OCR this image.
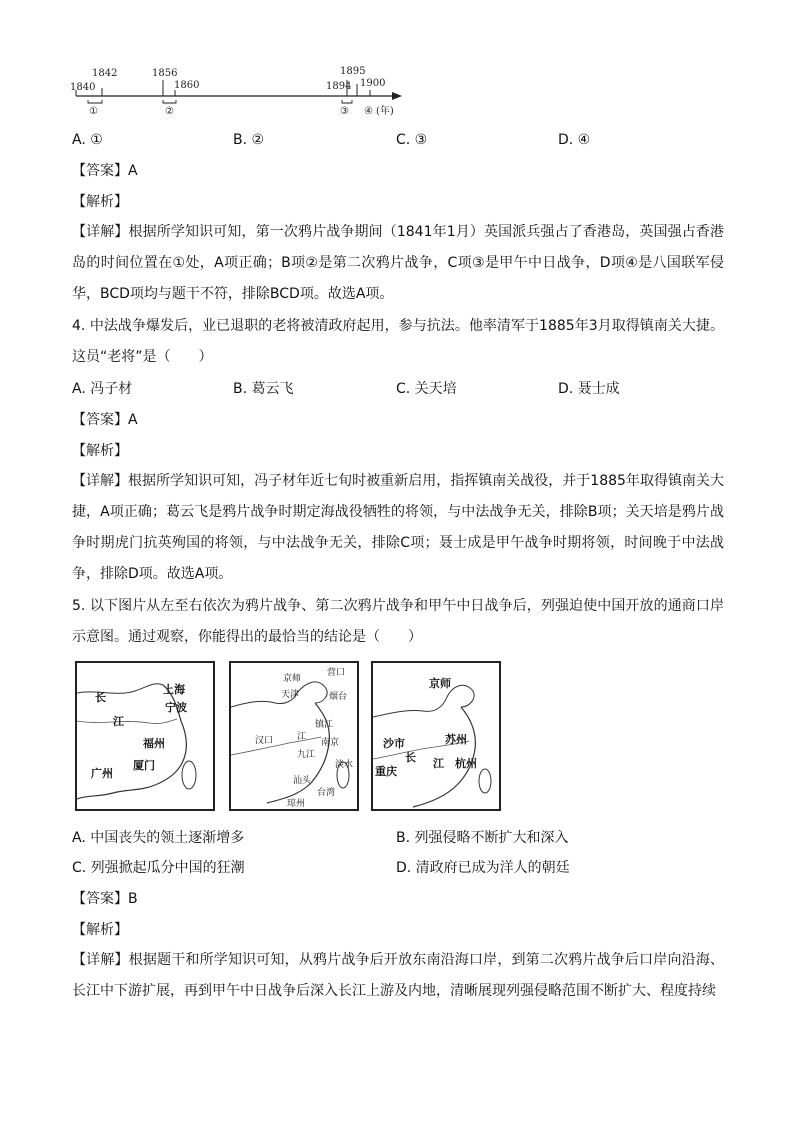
1840
1842	1856
1860	1894
1895
1900
①	②	③ ④ (年)
A. ①	B. ②	C. ③	D. ④
【答案】A
【解析】
【详解】根据所学知识可知，第一次鸦片战争期间（1841年1月）英国派兵强占了香港岛，英国强占香港岛的时间位置在①处，A项正确；B项②是第二次鸦片战争，C项③是甲午中日战争，D项④是八国联军侵华，BCD项均与题干不符，排除BCD项。故选A项。
4. 中法战争爆发后，业已退职的老将被清政府起用，参与抗法。他率清军于1885年3月取得镇南关大捷。这员“老将”是（　　）
A. 冯子材	B. 葛云飞	C. 关天培	D. 聂士成
【答案】A
【解析】
【详解】根据所学知识可知，冯子材年近七旬时被重新启用，指挥镇南关战役，并于1885年取得镇南关大捷，A项正确；葛云飞是鸦片战争时期定海战役牺牲的将领，与中法战争无关，排除B项；关天培是鸦片战争时期虎门抗英殉国的将领，与中法战争无关，排除C项；聂士成是甲午战争时期将领，时间晚于中法战争，排除D项。故选A项。
5. 以下图片从左至右依次为鸦片战争、第二次鸦片战争和甲午中日战争后，列强迫使中国开放的通商口岸示意图。通过观察，你能得出的最恰当的结论是（　　）
长
江
上海
宁波
福州
厦门
广州
京师
营口
天津	烟台
镇江
汉口	江
南京
九江
汕头
台湾
淡水
琼州
京师
沙市	苏州
长 江
重庆
杭州
A. 中国丧失的领土逐渐增多	B. 列强侵略不断扩大和深入
C. 列强掀起瓜分中国的狂潮	D. 清政府已成为洋人的朝廷
【答案】B
【解析】
【详解】根据题干和所学知识可知，从鸦片战争后开放东南沿海口岸，到第二次鸦片战争后口岸向沿海、长江中下游扩展，再到甲午中日战争后深入长江上游及内地，清晰展现列强侵略范围不断扩大、程度持续
